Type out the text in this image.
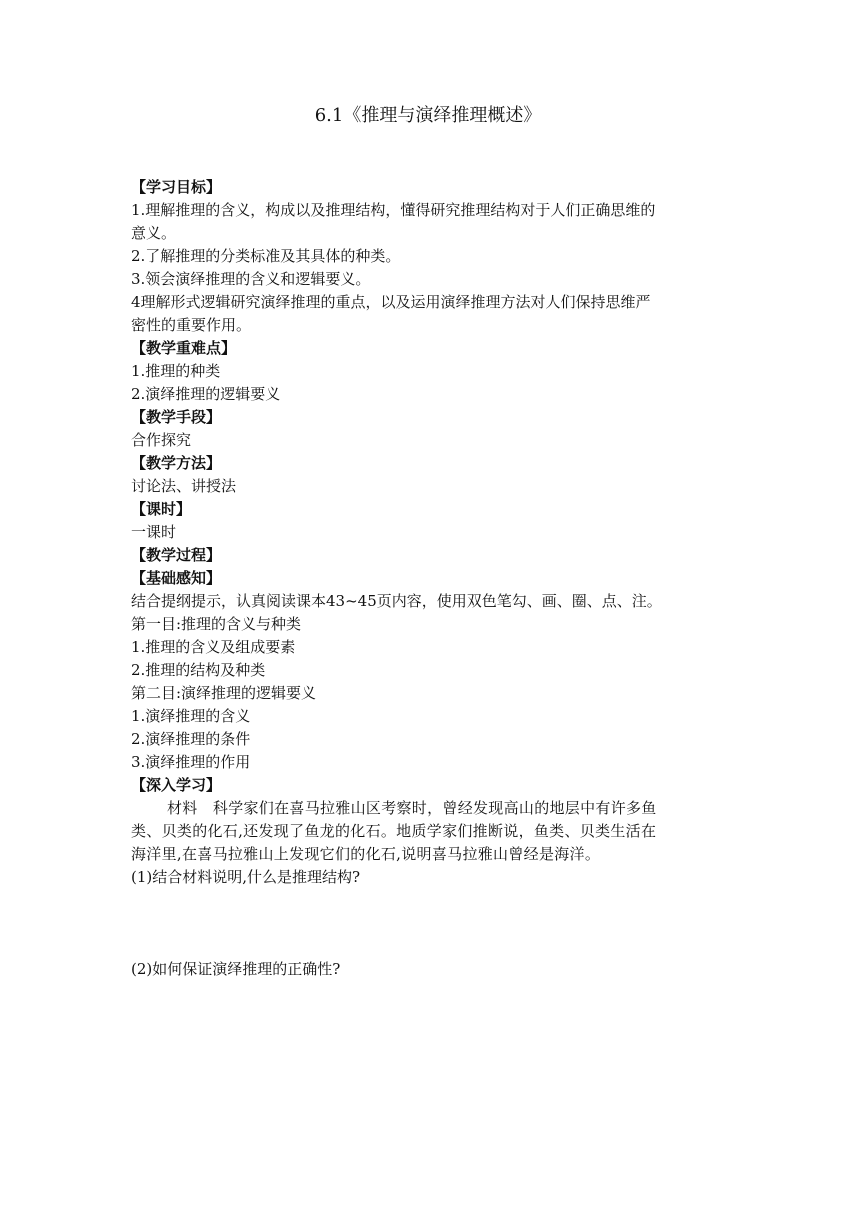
6.1《推理与演绎推理概述》
【学习目标】
1.理解推理的含义，构成以及推理结构，懂得研究推理结构对于人们正确思维的
意义。
2.了解推理的分类标准及其具体的种类。
3.领会演绎推理的含义和逻辑要义。
4理解形式逻辑研究演绎推理的重点，以及运用演绎推理方法对人们保持思维严
密性的重要作用。
【教学重难点】
1.推理的种类
2.演绎推理的逻辑要义
【教学手段】
合作探究
【教学方法】
讨论法、讲授法
【课时】
一课时
【教学过程】
【基础感知】
结合提纲提示，认真阅读课本43~45页内容，使用双色笔勾、画、圈、点、注。
第一目:推理的含义与种类
1.推理的含义及组成要素
2.推理的结构及种类
第二目:演绎推理的逻辑要义
1.演绎推理的含义
2.演绎推理的条件
3.演绎推理的作用
【深入学习】
材料　科学家们在喜马拉雅山区考察时，曾经发现高山的地层中有许多鱼
类、贝类的化石,还发现了鱼龙的化石。地质学家们推断说，鱼类、贝类生活在
海洋里,在喜马拉雅山上发现它们的化石,说明喜马拉雅山曾经是海洋。
(1)结合材料说明,什么是推理结构?
(2)如何保证演绎推理的正确性?
